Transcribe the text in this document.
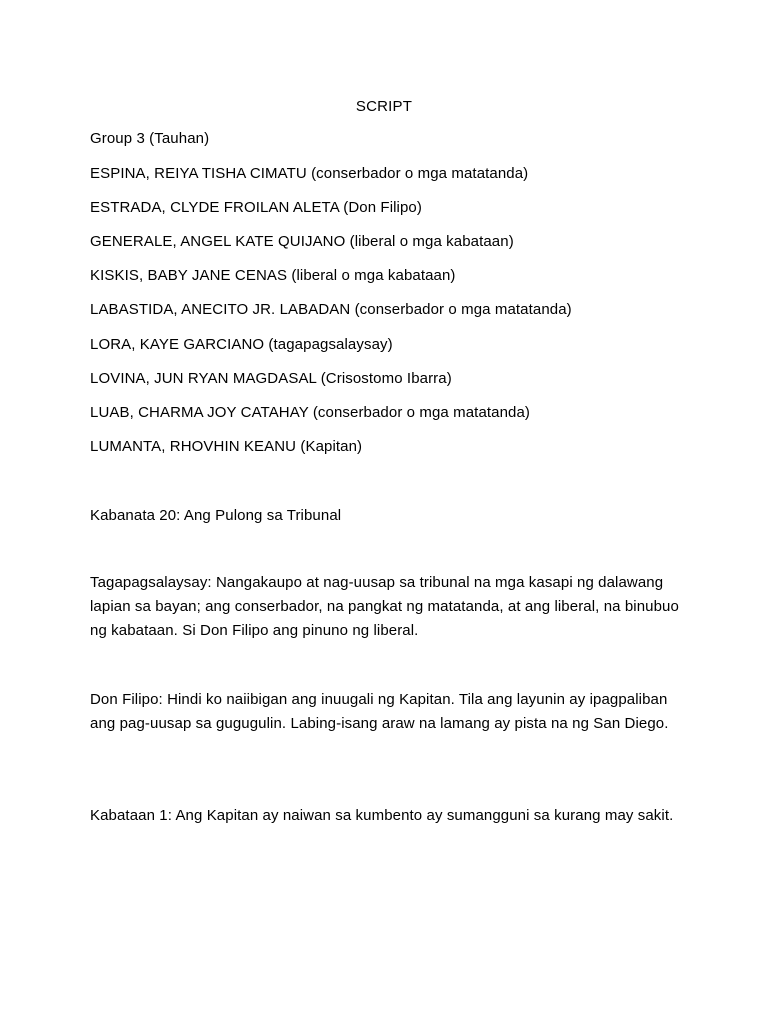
SCRIPT
Group 3 (Tauhan)
ESPINA, REIYA TISHA CIMATU (conserbador o mga matatanda)
ESTRADA, CLYDE FROILAN ALETA (Don Filipo)
GENERALE, ANGEL KATE QUIJANO (liberal o mga kabataan)
KISKIS, BABY JANE CENAS (liberal o mga kabataan)
LABASTIDA, ANECITO JR. LABADAN (conserbador o mga matatanda)
LORA, KAYE GARCIANO (tagapagsalaysay)
LOVINA, JUN RYAN MAGDASAL (Crisostomo Ibarra)
LUAB, CHARMA JOY CATAHAY (conserbador o mga matatanda)
LUMANTA, RHOVHIN KEANU (Kapitan)
Kabanata 20: Ang Pulong sa Tribunal
Tagapagsalaysay: Nangakaupo at nag-uusap sa tribunal na mga kasapi ng dalawang lapian sa bayan; ang conserbador, na pangkat ng matatanda, at ang liberal, na binubuo ng kabataan. Si Don Filipo ang pinuno ng liberal.
Don Filipo: Hindi ko naiibigan ang inuugali ng Kapitan. Tila ang layunin ay ipagpaliban ang pag-uusap sa gugugulin. Labing-isang araw na lamang ay pista na ng San Diego.
Kabataan 1: Ang Kapitan ay naiwan sa kumbento ay sumangguni sa kurang may sakit.
